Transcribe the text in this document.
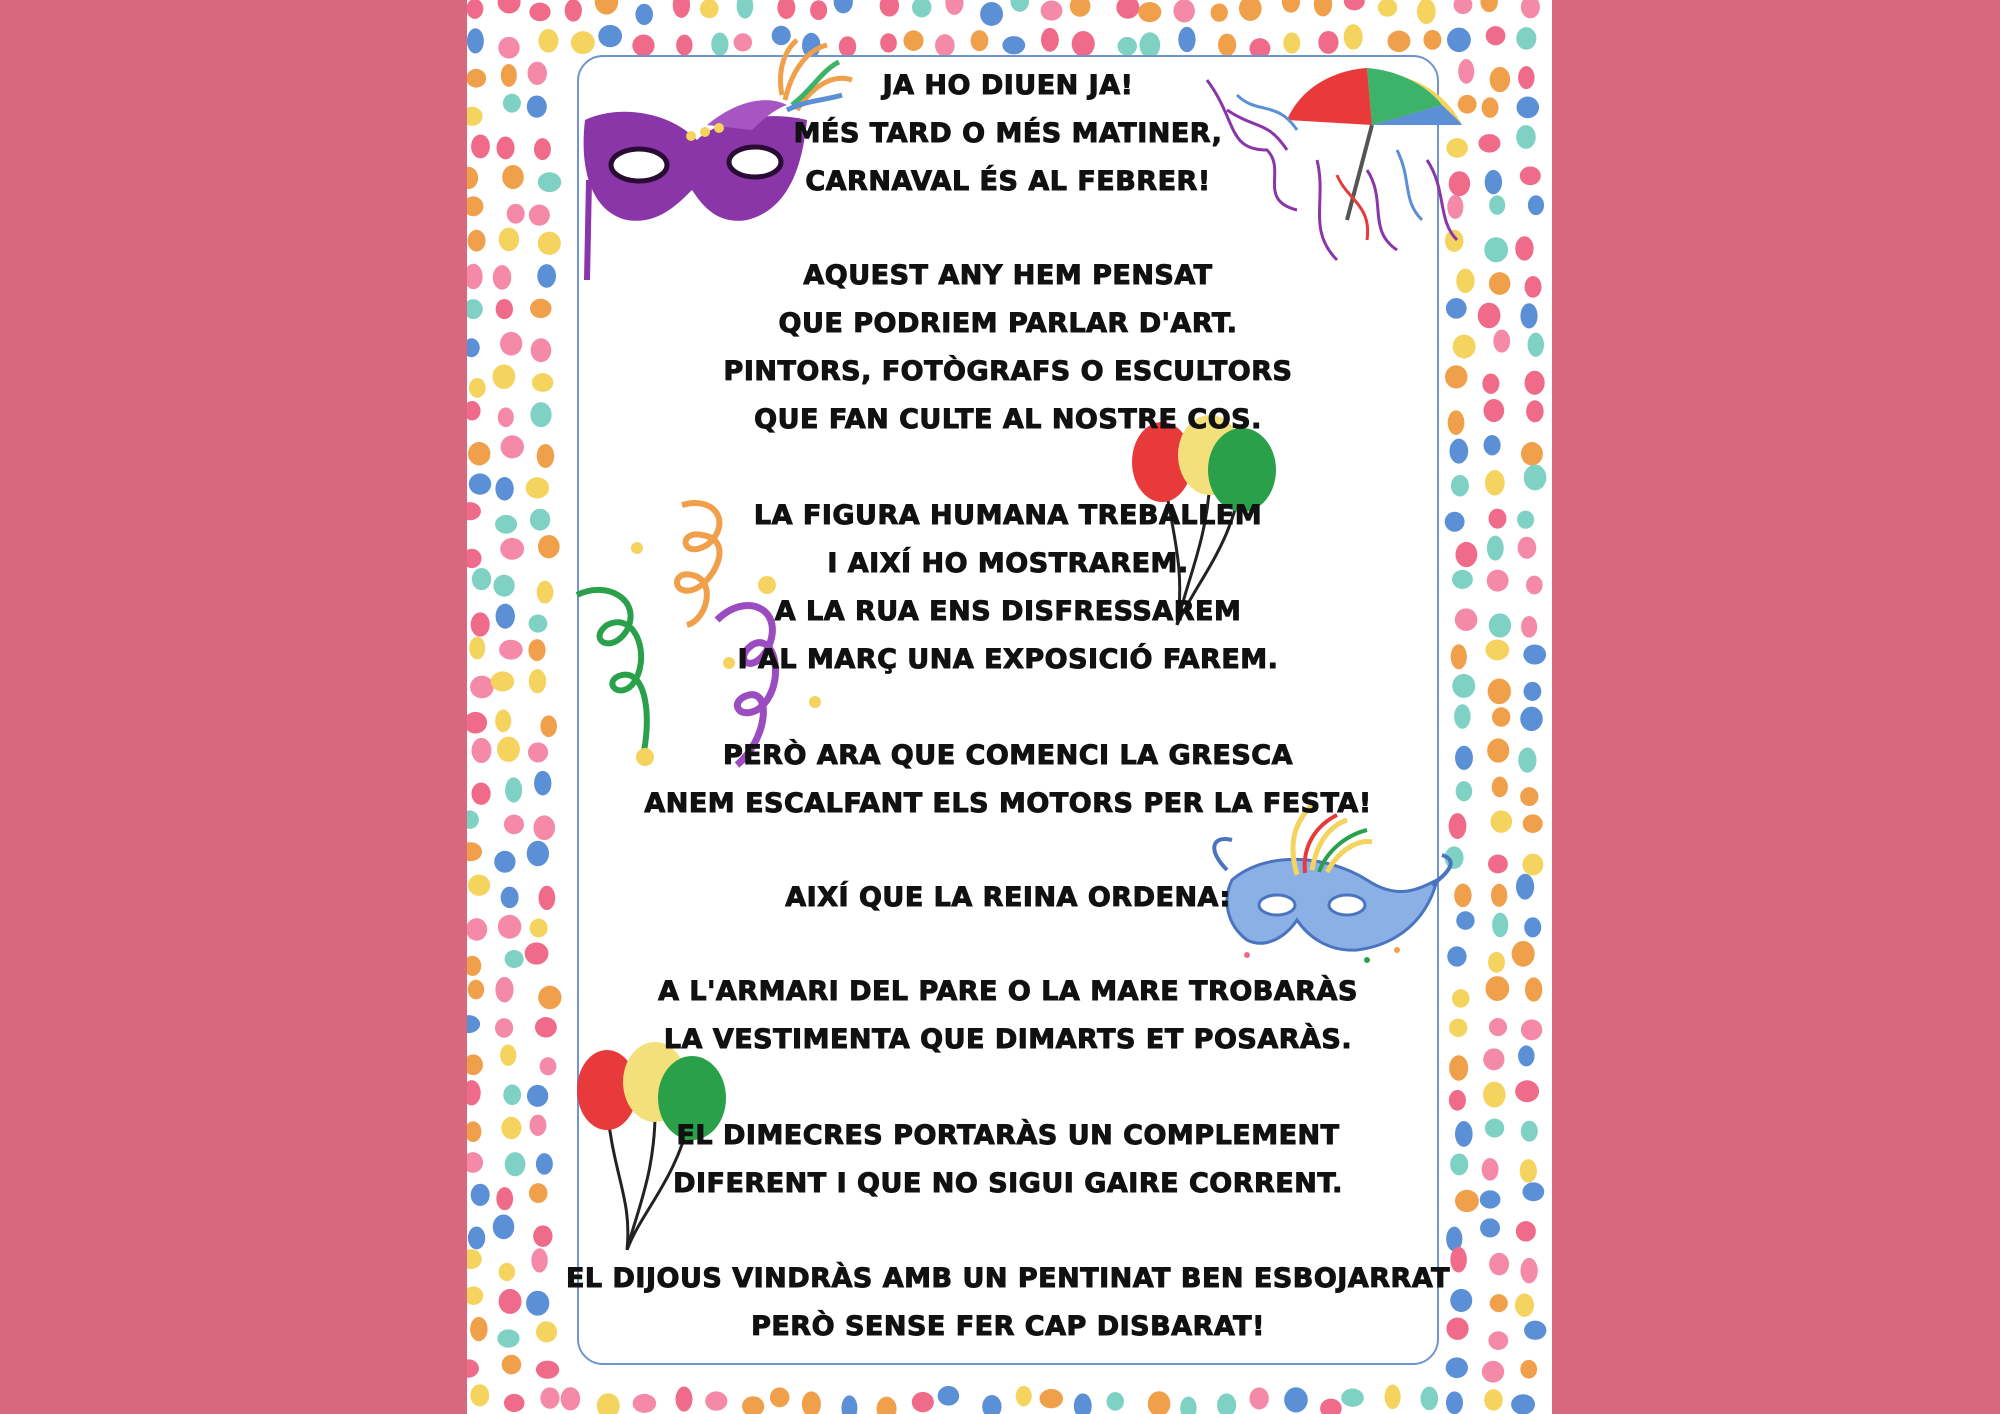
JA HO DIUEN JA!
MÉS TARD O MÉS MATINER,
CARNAVAL ÉS AL FEBRER!
AQUEST ANY HEM PENSAT
QUE PODRIEM PARLAR D'ART.
PINTORS, FOTÒGRAFS O ESCULTORS
QUE FAN CULTE AL NOSTRE COS.
LA FIGURA HUMANA TREBALLEM
I AIXÍ HO MOSTRAREM.
A LA RUA ENS DISFRESSAREM
I AL MARÇ UNA EXPOSICIÓ FAREM.
PERÒ ARA QUE COMENCI LA GRESCA
ANEM ESCALFANT ELS MOTORS PER LA FESTA!
AIXÍ QUE LA REINA ORDENA:
A L'ARMARI DEL PARE O LA MARE TROBARÀS
LA VESTIMENTA QUE DIMARTS ET POSARÀS.
EL DIMECRES PORTARÀS UN COMPLEMENT
DIFERENT I QUE NO SIGUI GAIRE CORRENT.
EL DIJOUS VINDRÀS AMB UN PENTINAT BEN ESBOJARRAT
PERÒ SENSE FER CAP DISBARAT!
